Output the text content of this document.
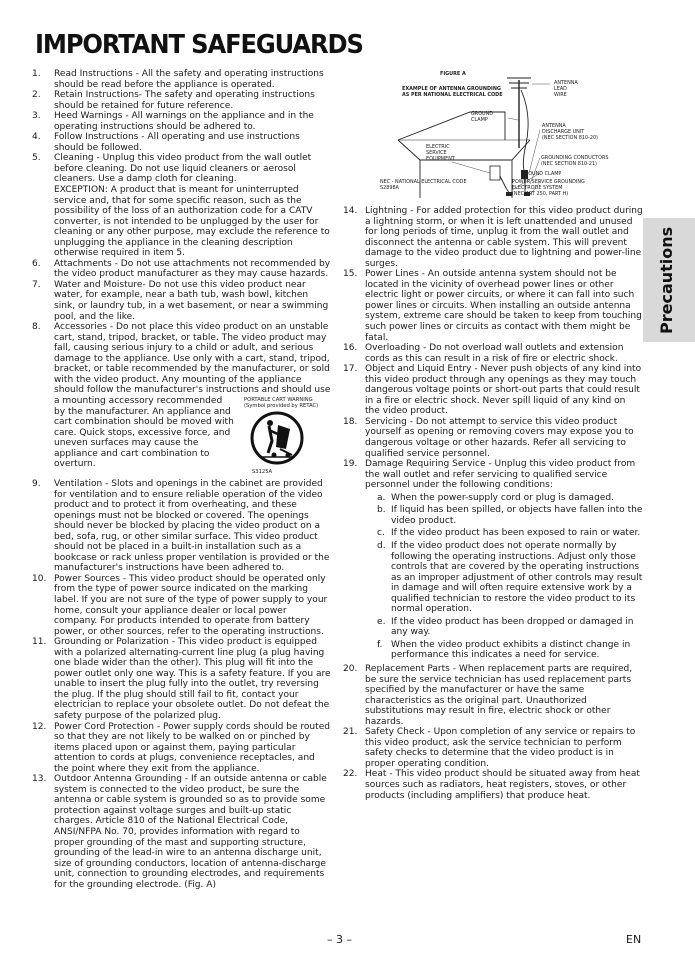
IMPORTANT SAFEGUARDS
1.	Read Instructions - All the safety and operating instructions should be read before the appliance is operated.
2.	Retain Instructions- The safety and operating instructions should be retained for future reference.
3.	Heed Warnings - All warnings on the appliance and in the operating instructions should be adhered to.
4.	Follow Instructions - All operating and use instructions should be followed.
5.	Cleaning - Unplug this video product from the wall outlet before cleaning. Do not use liquid cleaners or aerosol cleaners. Use a damp cloth for cleaning.
EXCEPTION: A product that is meant for uninterrupted service and, that for some specific reason, such as the possibility of the loss of an authorization code for a CATV converter, is not intended to be unplugged by the user for cleaning or any other purpose, may exclude the reference to unplugging the appliance in the cleaning description otherwise required in item 5.
6.	Attachments - Do not use attachments not recommended by the video product manufacturer as they may cause hazards.
7.	Water and Moisture- Do not use this video product near water, for example, near a bath tub, wash bowl, kitchen sink, or laundry tub, in a wet basement, or near a swimming pool, and the like.
8.	Accessories - Do not place this video product on an unstable cart, stand, tripod, bracket, or table. The video product may fall, causing serious injury to a child or adult, and serious damage to the appliance. Use only with a cart, stand, tripod, bracket, or table recommended by the manufacturer, or sold with the video product. Any mounting of the appliance should follow the manufacturer's instructions and should use
PORTABLE CART WARNING
(Symbol provided by RETAC)
S3125A
a mounting accessory recommended by the manufacturer. An appliance and cart combination should be moved with care. Quick stops, excessive force, and uneven surfaces may cause the appliance and cart combination to overturn.
9.	Ventilation - Slots and openings in the cabinet are provided for ventilation and to ensure reliable operation of the video product and to protect it from overheating, and these openings must not be blocked or covered. The openings should never be blocked by placing the video product on a bed, sofa, rug, or other similar surface. This video product should not be placed in a built-in installation such as a bookcase or rack unless proper ventilation is provided or the manufacturer's instructions have been adhered to.
10. Power Sources - This video product should be operated only from the type of power source indicated on the marking label. If you are not sure of the type of power supply to your home, consult your appliance dealer or local power company. For products intended to operate from battery power, or other sources, refer to the operating instructions.
11. Grounding or Polarization - This video product is equipped with a polarized alternating-current line plug (a plug having one blade wider than the other). This plug will fit into the power outlet only one way. This is a safety feature. If you are unable to insert the plug fully into the outlet, try reversing the plug. If the plug should still fail to fit, contact your electrician to replace your obsolete outlet. Do not defeat the safety purpose of the polarized plug.
12. Power Cord Protection - Power supply cords should be routed so that they are not likely to be walked on or pinched by items placed upon or against them, paying particular attention to cords at plugs, convenience receptacles, and the point where they exit from the appliance.
13. Outdoor Antenna Grounding - If an outside antenna or cable system is connected to the video product, be sure the antenna or cable system is grounded so as to provide some protection against voltage surges and built-up static charges. Article 810 of the National Electrical Code, ANSI/NFPA No. 70, provides information with regard to proper grounding of the mast and supporting structure, grounding of the lead-in wire to an antenna discharge unit, size of grounding conductors, location of antenna-discharge unit, connection to grounding electrodes, and requirements for the grounding electrode. (Fig. A)
FIGURE A
EXAMPLE OF ANTENNA GROUNDING
AS PER NATIONAL ELECTRICAL CODE
ANTENNA
LEAD
WIRE
GROUND
CLAMP
ANTENNA
DISCHARGE UNIT
(NEC SECTION 810-20)
ELECTRIC
SERVICE
EQUIPMENT	GROUNDING CONDUCTORS
(NEC SECTION 810-21)
GROUND CLAMP
NEC - NATIONAL ELECTRICAL CODE
S2898A
POWER SERVICE GROUNDING
ELECTRODE SYSTEM
(NEC ART 250, PART H)
14. Lightning - For added protection for this video product during a lightning storm, or when it is left unattended and unused for long periods of time, unplug it from the wall outlet and disconnect the antenna or cable system. This will prevent damage to the video product due to lightning and power-line surges.
15. Power Lines - An outside antenna system should not be located in the vicinity of overhead power lines or other electric light or power circuits, or where it can fall into such power lines or circuits. When installing an outside antenna system, extreme care should be taken to keep from touching such power lines or circuits as contact with them might be fatal.
16. Overloading - Do not overload wall outlets and extension cords as this can result in a risk of fire or electric shock.
17. Object and Liquid Entry - Never push objects of any kind into this video product through any openings as they may touch dangerous voltage points or short-out parts that could result in a fire or electric shock. Never spill liquid of any kind on the video product.
18. Servicing - Do not attempt to service this video product yourself as opening or removing covers may expose you to dangerous voltage or other hazards. Refer all servicing to qualified service personnel.
19. Damage Requiring Service - Unplug this video product from the wall outlet and refer servicing to qualified service personnel under the following conditions:
a. When the power-supply cord or plug is damaged.
b. If liquid has been spilled, or objects have fallen into the video product.
c. If the video product has been exposed to rain or water.
d. If the video product does not operate normally by following the operating instructions. Adjust only those controls that are covered by the operating instructions as an improper adjustment of other controls may result in damage and will often require extensive work by a qualified technician to restore the video product to its normal operation.
e. If the video product has been dropped or damaged in any way.
f. When the video product exhibits a distinct change in performance this indicates a need for service.
20. Replacement Parts - When replacement parts are required, be sure the service technician has used replacement parts specified by the manufacturer or have the same characteristics as the original part. Unauthorized substitutions may result in fire, electric shock or other hazards.
21. Safety Check - Upon completion of any service or repairs to this video product, ask the service technician to perform safety checks to determine that the video product is in proper operating condition.
22. Heat - This video product should be situated away from heat sources such as radiators, heat registers, stoves, or other products (including amplifiers) that produce heat.
Precautions
– 3 –	EN
